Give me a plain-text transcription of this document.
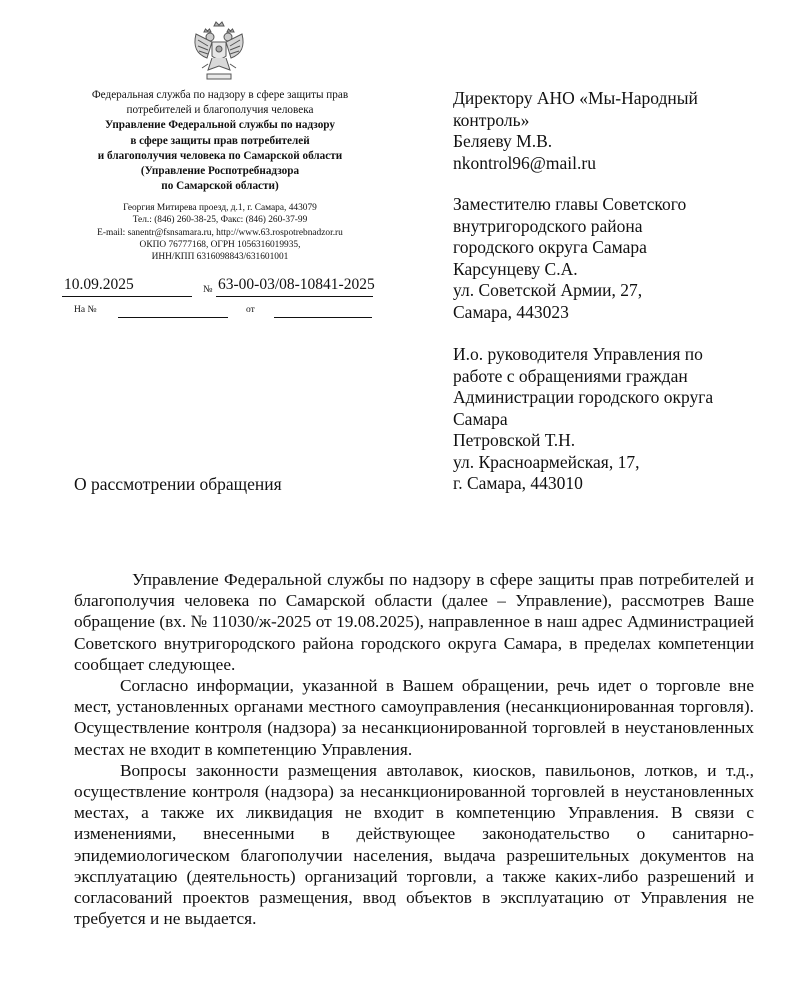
Федеральная служба по надзору в сфере защиты прав
потребителей и благополучия человека
Управление Федеральной службы по надзору
в сфере защиты прав потребителей
и благополучия человека по Самарской области
(Управление Роспотребнадзора
по Самарской области)
Георгия Митирева проезд, д.1, г. Самара, 443079
Тел.: (846) 260-38-25, Факс: (846) 260-37-99
E-mail: sanentr@fsnsamara.ru, http://www.63.rospotrebnadzor.ru
ОКПО 76777168, ОГРН 1056316019935,
ИНН/КПП 6316098843/631601001
10.09.2025	№ 63-00-03/08-10841-2025
На №	от
Директору АНО «Мы-Народный
контроль»
Беляеву М.В.
nkontrol96@mail.ru
Заместителю главы Советского
внутригородского района
городского округа Самара
Карсунцеву С.А.
ул. Советской Армии, 27,
Самара, 443023
И.о. руководителя Управления по
работе с обращениями граждан
Администрации городского округа
Самара
Петровской Т.Н.
ул. Красноармейская, 17,
г. Самара, 443010
О рассмотрении обращения

Управление Федеральной службы по надзору в сфере защиты прав потребителей и благополучия человека по Самарской области (далее – Управление), рассмотрев Ваше обращение (вх. № 11030/ж-2025 от 19.08.2025), направленное в наш адрес Администрацией Советского внутригородского района городского округа Самара, в пределах компетенции сообщает следующее.

Согласно информации, указанной в Вашем обращении, речь идет о торговле вне мест, установленных органами местного самоуправления (несанкционированная торговля). Осуществление контроля (надзора) за несанкционированной торговлей в неустановленных местах не входит в компетенцию Управления.

Вопросы законности размещения автолавок, киосков, павильонов, лотков, и т.д., осуществление контроля (надзора) за несанкционированной торговлей в неустановленных местах, а также их ликвидация не входит в компетенцию Управления. В связи с изменениями, внесенными в действующее законодательство о санитарно-эпидемиологическом благополучии населения, выдача разрешительных документов на эксплуатацию (деятельность) организаций торговли, а также каких-либо разрешений и согласований проектов размещения, ввод объектов в эксплуатацию от Управления не требуется и не выдается.
